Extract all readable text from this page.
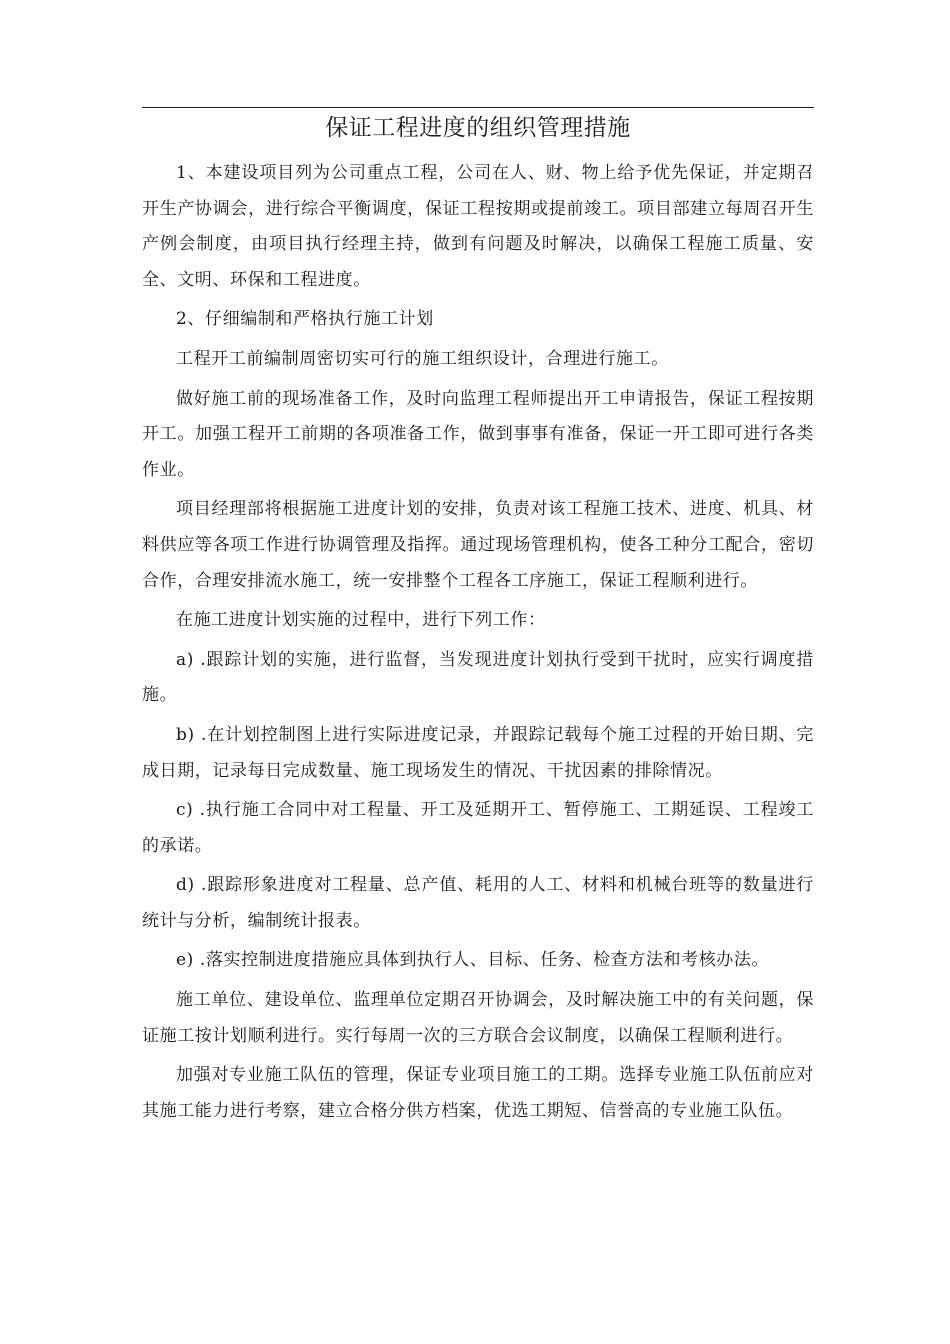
保证工程进度的组织管理措施

1、本建设项目列为公司重点工程，公司在人、财、物上给予优先保证，并定期召开生产协调会，进行综合平衡调度，保证工程按期或提前竣工。项目部建立每周召开生产例会制度，由项目执行经理主持，做到有问题及时解决，以确保工程施工质量、安全、文明、环保和工程进度。

2、仔细编制和严格执行施工计划

工程开工前编制周密切实可行的施工组织设计，合理进行施工。

做好施工前的现场准备工作，及时向监理工程师提出开工申请报告，保证工程按期开工。加强工程开工前期的各项准备工作，做到事事有准备，保证一开工即可进行各类作业。

项目经理部将根据施工进度计划的安排，负责对该工程施工技术、进度、机具、材料供应等各项工作进行协调管理及指挥。通过现场管理机构，使各工种分工配合，密切合作，合理安排流水施工，统一安排整个工程各工序施工，保证工程顺利进行。

在施工进度计划实施的过程中，进行下列工作：

a) .跟踪计划的实施，进行监督，当发现进度计划执行受到干扰时，应实行调度措施。

b) .在计划控制图上进行实际进度记录，并跟踪记载每个施工过程的开始日期、完成日期，记录每日完成数量、施工现场发生的情况、干扰因素的排除情况。

c) .执行施工合同中对工程量、开工及延期开工、暂停施工、工期延误、工程竣工的承诺。

d) .跟踪形象进度对工程量、总产值、耗用的人工、材料和机械台班等的数量进行统计与分析，编制统计报表。

e) .落实控制进度措施应具体到执行人、目标、任务、检查方法和考核办法。

施工单位、建设单位、监理单位定期召开协调会，及时解决施工中的有关问题，保证施工按计划顺利进行。实行每周一次的三方联合会议制度，以确保工程顺利进行。

加强对专业施工队伍的管理，保证专业项目施工的工期。选择专业施工队伍前应对其施工能力进行考察，建立合格分供方档案，优选工期短、信誉高的专业施工队伍。
